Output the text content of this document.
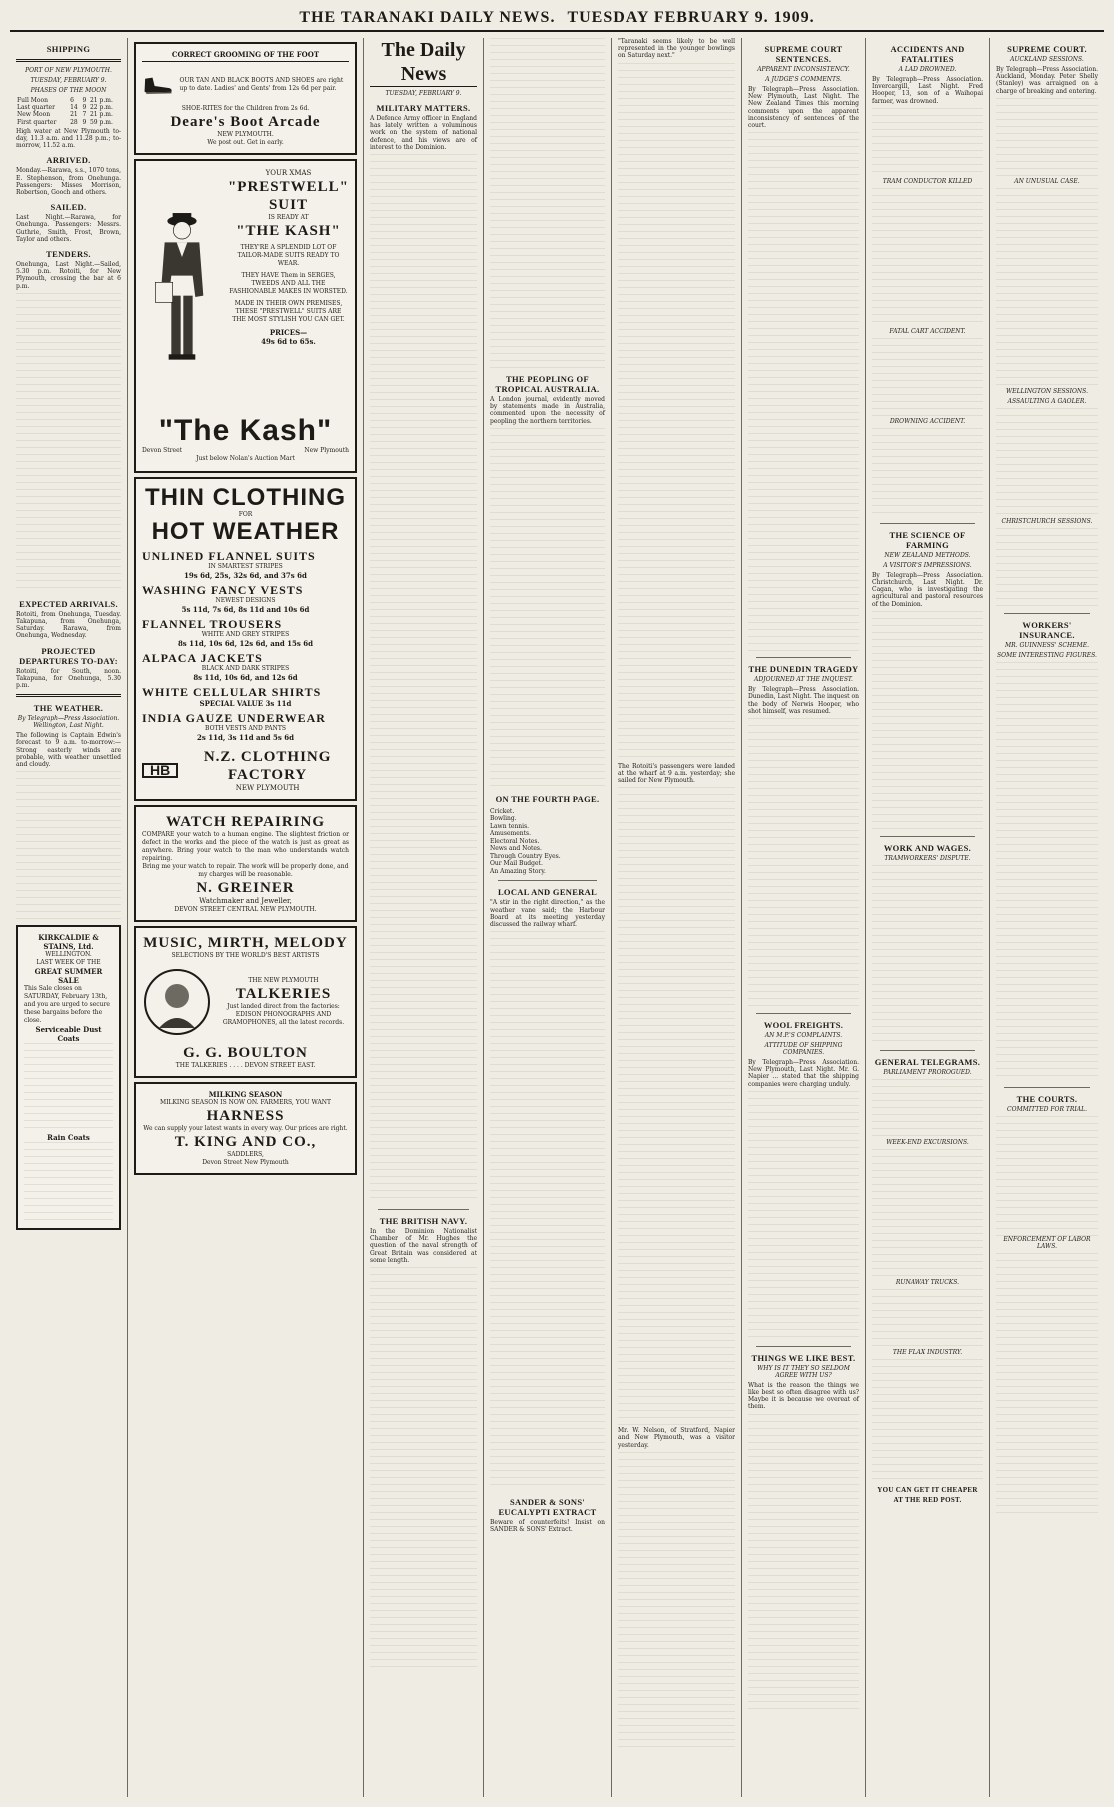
THE TARANAKI DAILY NEWS. TUESDAY FEBRUARY 9. 1909.
SHIPPING
PORT OF NEW PLYMOUTH.
TUESDAY, FEBRUARY 9.
PHASES OF THE MOON
Full Moon	6	9	21 p.m.
Last quarter	14	9	22 p.m.
New Moon	21	7	21 p.m.
First quarter	28	9	59 p.m.
High water at New Plymouth to-day, 11.3 a.m. and 11.28 p.m.; to-morrow, 11.52 a.m.
ARRIVED.
Monday.—Rarawa, s.s., 1070 tons, E. Stephenson, from Onehunga. Passengers: Misses Morrison, Robertson, Gooch and others.
SAILED.
Last Night.—Rarawa, for Onehunga. Passengers: Messrs. Guthrie, Smith, Frost, Brown, Taylor and others.
TENDERS.
Onehunga, Last Night.—Sailed, 5.30 p.m. Rotoiti, for New Plymouth, crossing the bar at 6 p.m.
EXPECTED ARRIVALS.
Rotoiti, from Onehunga, Tuesday. Takapuna, from Onehunga, Saturday. Rarawa, from Onehunga, Wednesday.
PROJECTED DEPARTURES TO-DAY:
Rotoiti, for South, noon. Takapuna, for Onehunga, 5.30 p.m.
THE WEATHER.
By Telegraph—Press Association. Wellington, Last Night.
The following is Captain Edwin's forecast to 9 a.m. to-morrow:—Strong easterly winds are probable, with weather unsettled and cloudy.
KIRKCALDIE & STAINS, Ltd.
WELLINGTON.
LAST WEEK OF THE
GREAT SUMMER SALE
This Sale closes on SATURDAY, February 13th, and you are urged to secure these bargains before the close.
Serviceable Dust Coats
Rain Coats
CORRECT GROOMING OF THE FOOT
OUR TAN AND BLACK BOOTS AND SHOES are right up to date. Ladies' and Gents' from 12s 6d per pair.
SHOE-RITES for the Children from 2s 6d.
Deare's Boot Arcade
NEW PLYMOUTH.
We post out. Get in early.
YOUR XMAS
"PRESTWELL"
SUIT
IS READY AT
"THE KASH"
THEY'RE A SPLENDID LOT OF TAILOR-MADE SUITS READY TO WEAR.
THEY HAVE Them in SERGES, TWEEDS AND ALL THE FASHIONABLE MAKES IN WORSTED.
MADE IN THEIR OWN PREMISES, THESE "PRESTWELL" SUITS ARE THE MOST STYLISH YOU CAN GET.
PRICES—
49s 6d to 65s.
"The Kash"
Devon Street	New Plymouth
Just below Nolan's Auction Mart
THIN CLOTHING
FOR
HOT WEATHER
UNLINED FLANNEL SUITS
IN SMARTEST STRIPES
19s 6d, 25s, 32s 6d, and 37s 6d
WASHING FANCY VESTS
NEWEST DESIGNS
5s 11d, 7s 6d, 8s 11d and 10s 6d
FLANNEL TROUSERS
WHITE AND GREY STRIPES
8s 11d, 10s 6d, 12s 6d, and 15s 6d
ALPACA JACKETS
BLACK AND DARK STRIPES
8s 11d, 10s 6d, and 12s 6d
WHITE CELLULAR SHIRTS
SPECIAL VALUE 3s 11d
INDIA GAUZE UNDERWEAR
BOTH VESTS AND PANTS
2s 11d, 3s 11d and 5s 6d
HB
N.Z. CLOTHING FACTORY
NEW PLYMOUTH
WATCH REPAIRING
COMPARE your watch to a human engine. The slightest friction or defect in the works and the piece of the watch is just as great as anywhere. Bring your watch to the man who understands watch repairing.
Bring me your watch to repair. The work will be properly done, and my charges will be reasonable.
N. GREINER
Watchmaker and Jeweller,
DEVON STREET CENTRAL NEW PLYMOUTH.
MUSIC, MIRTH, MELODY
SELECTIONS BY THE WORLD'S BEST ARTISTS
THE NEW PLYMOUTH
TALKERIES
Just landed direct from the factories: EDISON PHONOGRAPHS AND GRAMOPHONES, all the latest records.
G. G. BOULTON
THE TALKERIES . . . . DEVON STREET EAST.
MILKING SEASON
MILKING SEASON IS NOW ON. FARMERS, YOU WANT
HARNESS
We can supply your latest wants in every way. Our prices are right.
T. KING AND CO.,
SADDLERS,
Devon Street New Plymouth
The Daily News
TUESDAY, FEBRUARY 9.
MILITARY MATTERS.
A Defence Army officer in England has lately written a voluminous work on the system of national defence, and his views are of interest to the Dominion.
THE BRITISH NAVY.
In the Dominion Nationalist Chamber of Mr. Hughes the question of the naval strength of Great Britain was considered at some length.
THE PEOPLING OF TROPICAL AUSTRALIA.
A London journal, evidently moved by statements made in Australia, commented upon the necessity of peopling the northern territories.
ON THE FOURTH PAGE.
Cricket.
Bowling.
Lawn tennis.
Amusements.
Electoral Notes.
News and Notes.
Through Country Eyes.
Our Mail Budget.
An Amazing Story.
LOCAL AND GENERAL
"A stir in the right direction," as the weather vane said; the Harbour Board at its meeting yesterday discussed the railway wharf.
SANDER & SONS' EUCALYPTI EXTRACT
Beware of counterfeits! Insist on SANDER & SONS' Extract.
"Taranaki seems likely to be well represented in the younger bowlings on Saturday next."
The Rotoiti's passengers were landed at the wharf at 9 a.m. yesterday; she sailed for New Plymouth.
Mr. W. Nelson, of Stratford, Napier and New Plymouth, was a visitor yesterday.
SUPREME COURT SENTENCES.
APPARENT INCONSISTENCY.
A JUDGE'S COMMENTS.
By Telegraph—Press Association. New Plymouth, Last Night. The New Zealand Times this morning comments upon the apparent inconsistency of sentences of the court.
THE DUNEDIN TRAGEDY
ADJOURNED AT THE INQUEST.
By Telegraph—Press Association. Dunedin, Last Night. The inquest on the body of Nerwis Hooper, who shot himself, was resumed.
WOOL FREIGHTS.
AN M.P.'S COMPLAINTS.
ATTITUDE OF SHIPPING COMPANIES.
By Telegraph—Press Association. New Plymouth, Last Night. Mr. G. Napier ... stated that the shipping companies were charging unduly.
THINGS WE LIKE BEST.
WHY IS IT THEY SO SELDOM AGREE WITH US?
What is the reason the things we like best so often disagree with us? Maybe it is because we overeat of them.
ACCIDENTS AND FATALITIES
A LAD DROWNED.
By Telegraph—Press Association. Invercargill, Last Night. Fred Hooper, 13, son of a Waihopai farmer, was drowned.
TRAM CONDUCTOR KILLED
FATAL CART ACCIDENT.
DROWNING ACCIDENT.
THE SCIENCE OF FARMING
NEW ZEALAND METHODS.
A VISITOR'S IMPRESSIONS.
By Telegraph—Press Association. Christchurch, Last Night. Dr. Cagan, who is investigating the agricultural and pastoral resources of the Dominion.
WORK AND WAGES.
TRAMWORKERS' DISPUTE.
GENERAL TELEGRAMS.
PARLIAMENT PROROGUED.
WEEK-END EXCURSIONS.
RUNAWAY TRUCKS.
THE FLAX INDUSTRY.
YOU CAN GET IT CHEAPER AT THE RED POST.
SUPREME COURT.
AUCKLAND SESSIONS.
By Telegraph—Press Association. Auckland, Monday. Peter Shelly (Stanley) was arraigned on a charge of breaking and entering.
AN UNUSUAL CASE.
WELLINGTON SESSIONS.
ASSAULTING A GAOLER.
CHRISTCHURCH SESSIONS.
WORKERS' INSURANCE.
MR. GUINNESS' SCHEME.
SOME INTERESTING FIGURES.
THE COURTS.
COMMITTED FOR TRIAL.
ENFORCEMENT OF LABOR LAWS.
